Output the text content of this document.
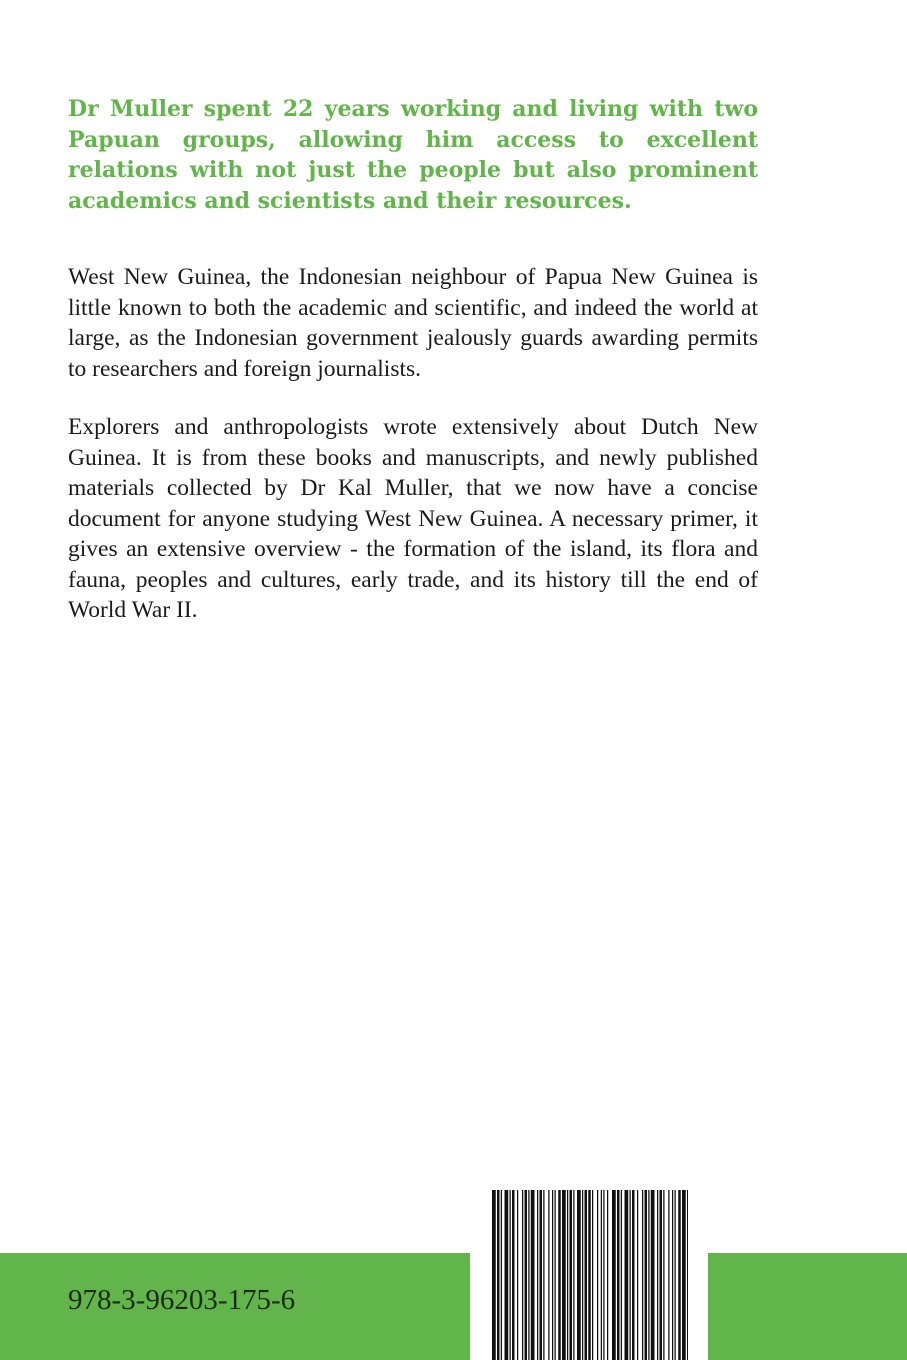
Dr Muller spent 22 years working and living with two Papuan groups, allowing him access to excellent relations with not just the people but also prominent academics and scientists and their resources.

West New Guinea, the Indonesian neighbour of Papua New Guinea is little known to both the academic and scientific, and indeed the world at large, as the Indonesian government jealously guards awarding permits to researchers and foreign journalists.

Explorers and anthropologists wrote extensively about Dutch New Guinea. It is from these books and manuscripts, and newly published materials collected by Dr Kal Muller, that we now have a concise document for anyone studying West New Guinea. A necessary primer, it gives an extensive overview - the formation of the island, its flora and fauna, peoples and cultures, early trade, and its history till the end of World War II.

978-3-96203-175-6
